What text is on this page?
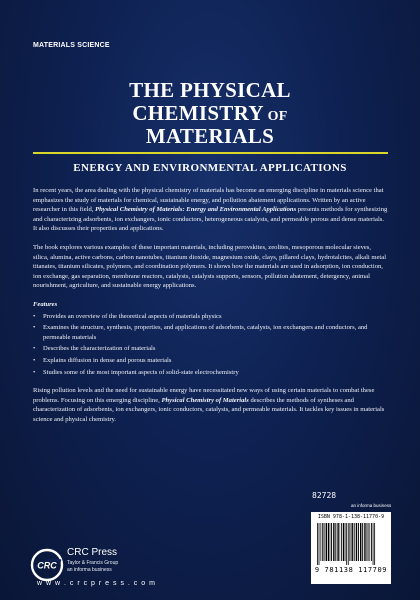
MATERIALS SCIENCE
THE PHYSICAL
CHEMISTRY OF
MATERIALS
ENERGY AND ENVIRONMENTAL APPLICATIONS

In recent years, the area dealing with the physical chemistry of materials has become an emerging discipline in materials science that emphasizes the study of materials for chemical, sustainable energy, and pollution abatement applications. Written by an active researcher in this field, Physical Chemistry of Materials: Energy and Environmental Applications presents methods for synthesizing and characterizing adsorbents, ion exchangers, ionic conductors, heterogeneous catalysts, and permeable porous and dense materials. It also discusses their properties and applications.

The book explores various examples of these important materials, including perovskites, zeolites, mesoporous molecular sieves, silica, alumina, active carbons, carbon nanotubes, titanium dioxide, magnesium oxide, clays, pillared clays, hydrotalcites, alkali metal titanates, titanium silicates, polymers, and coordination polymers. It shows how the materials are used in adsorption, ion conduction, ion exchange, gas separation, membrane reactors, catalysts, catalysts supports, sensors, pollution abatement, detergency, animal nourishment, agriculture, and sustainable energy applications.

Features
• Provides an overview of the theoretical aspects of materials physics
• Examines the structure, synthesis, properties, and applications of adsorbents, catalysts, ion exchangers and conductors, and permeable materials
• Describes the characterization of materials
• Explains diffusion in dense and porous materials
• Studies some of the most important aspects of solid-state electrochemistry

Rising pollution levels and the need for sustainable energy have necessitated new ways of using certain materials to combat these problems. Focusing on this emerging discipline, Physical Chemistry of Materials describes the methods of syntheses and characterization of adsorbents, ion exchangers, ionic conductors, catalysts, and permeable materials. It tackles key issues in materials science and physical chemistry.

82728
an informa business
ISBN 978-1-138-11770-9
9 781138 117709
CRC
CRC Press
Taylor & Francis Group
an informa business
w w w . c r c p r e s s . c o m
